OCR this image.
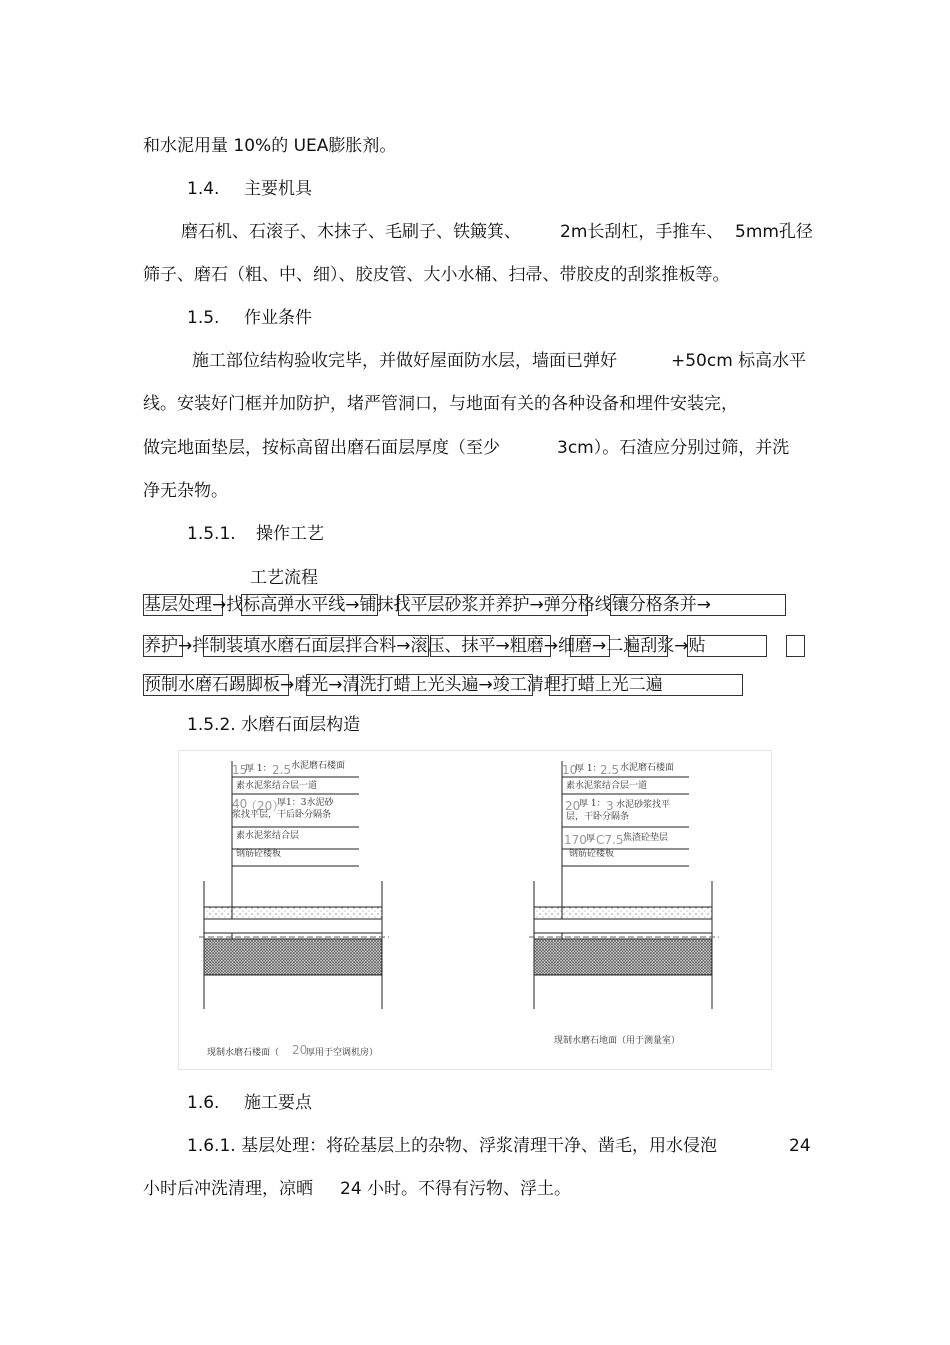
和水泥用量 10%的 UEA膨胀剂。
1.4. 主要机具
磨石机、石滚子、木抹子、毛刷子、铁簸箕、 2m长刮杠，手推车、 5mm孔径
筛子、磨石（粗、中、细）、胶皮管、大小水桶、扫帚、带胶皮的刮浆推板等。
1.5. 作业条件
施工部位结构验收完毕，并做好屋面防水层，墙面已弹好	+50cm 标高水平
线。安装好门框并加防护，堵严管洞口，与地面有关的各种设备和埋件安装完，
做完地面垫层，按标高留出磨石面层厚度（至少	3cm）。石渣应分别过筛，并洗
净无杂物。
1.5.1. 操作工艺
工艺流程
基层处理→找标高弹水平线→铺抹找平层砂浆并养护→弹分格线镶分格条并→
养护→拌制装填水磨石面层拌合料→滚压、抹平→粗磨→细磨→二遍刮浆→贴
预制水磨石踢脚板→磨光→清洗打蜡上光头遍→竣工清理打蜡上光二遍
1.5.2. 水磨石面层构造
15
厚 1： 2.5 水泥磨石楼面
素水泥浆结合层一道
40
（20）
厚1：3水泥砂
浆找平层，干后卧分隔条
素水泥浆结合层
钢筋砼楼板
10
厚 1：
2.5 水泥磨石楼面
素水泥浆结合层一道
20
厚 1： 3 水泥砂浆找平
层，干卧分隔条
170 厚 C7.5 焦渣砼垫层
钢筋砼楼板
现制水磨石楼面（ 20
厚用于空调机房）
现制水磨石地面（用于测量室）
1.6. 施工要点
1.6.1. 基层处理：将砼基层上的杂物、浮浆清理干净、凿毛，用水侵泡	24
小时后冲洗清理，凉晒 24 小时。不得有污物、浮土。
